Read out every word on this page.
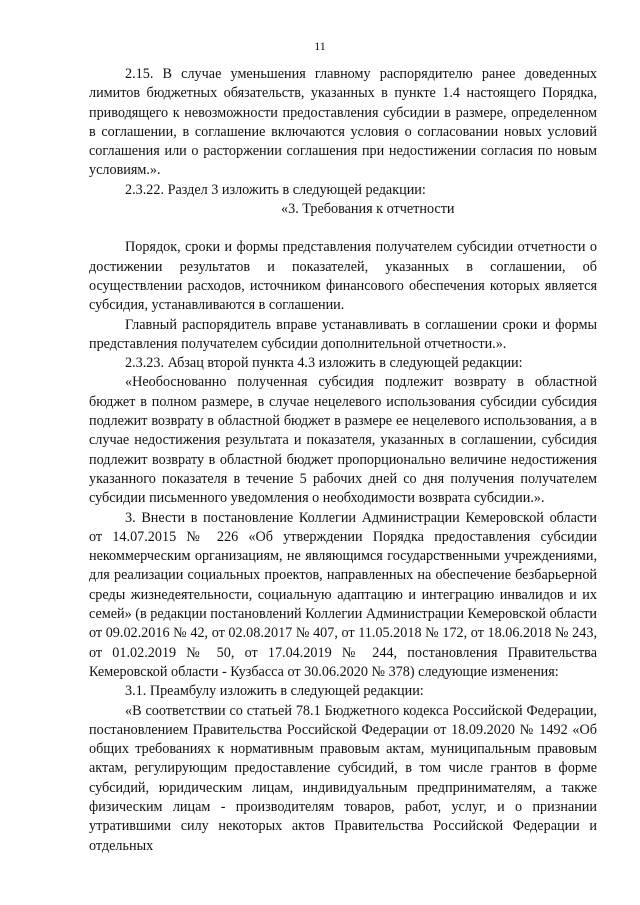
11

2.15. В случае уменьшения главному распорядителю ранее доведенных лимитов бюджетных обязательств, указанных в пункте 1.4 настоящего Порядка, приводящего к невозможности предоставления субсидии в размере, определенном в соглашении, в соглашение включаются условия о согласовании новых условий соглашения или о расторжении соглашения при недостижении согласия по новым условиям.».

2.3.22. Раздел 3 изложить в следующей редакции:

«3. Требования к отчетности

Порядок, сроки и формы представления получателем субсидии отчетности о достижении результатов и показателей, указанных в соглашении, об осуществлении расходов, источником финансового обеспечения которых является субсидия, устанавливаются в соглашении.

Главный распорядитель вправе устанавливать в соглашении сроки и формы представления получателем субсидии дополнительной отчетности.».

2.3.23. Абзац второй пункта 4.3 изложить в следующей редакции:

«Необоснованно полученная субсидия подлежит возврату в областной бюджет в полном размере, в случае нецелевого использования субсидии субсидия подлежит возврату в областной бюджет в размере ее нецелевого использования, а в случае недостижения результата и показателя, указанных в соглашении, субсидия подлежит возврату в областной бюджет пропорционально величине недостижения указанного показателя в течение 5 рабочих дней со дня получения получателем субсидии письменного уведомления о необходимости возврата субсидии.».

3. Внести в постановление Коллегии Администрации Кемеровской области от 14.07.2015 № 226 «Об утверждении Порядка предоставления субсидии некоммерческим организациям, не являющимся государственными учреждениями, для реализации социальных проектов, направленных на обеспечение безбарьерной среды жизнедеятельности, социальную адаптацию и интеграцию инвалидов и их семей» (в редакции постановлений Коллегии Администрации Кемеровской области от 09.02.2016 № 42, от 02.08.2017 № 407, от 11.05.2018 № 172, от 18.06.2018 № 243, от 01.02.2019 № 50, от 17.04.2019 № 244, постановления Правительства Кемеровской области - Кузбасса от 30.06.2020 № 378) следующие изменения:

3.1. Преамбулу изложить в следующей редакции:

«В соответствии со статьей 78.1 Бюджетного кодекса Российской Федерации, постановлением Правительства Российской Федерации от 18.09.2020 № 1492 «Об общих требованиях к нормативным правовым актам, муниципальным правовым актам, регулирующим предоставление субсидий, в том числе грантов в форме субсидий, юридическим лицам, индивидуальным предпринимателям, а также физическим лицам - производителям товаров, работ, услуг, и о признании утратившими силу некоторых актов Правительства Российской Федерации и отдельных
